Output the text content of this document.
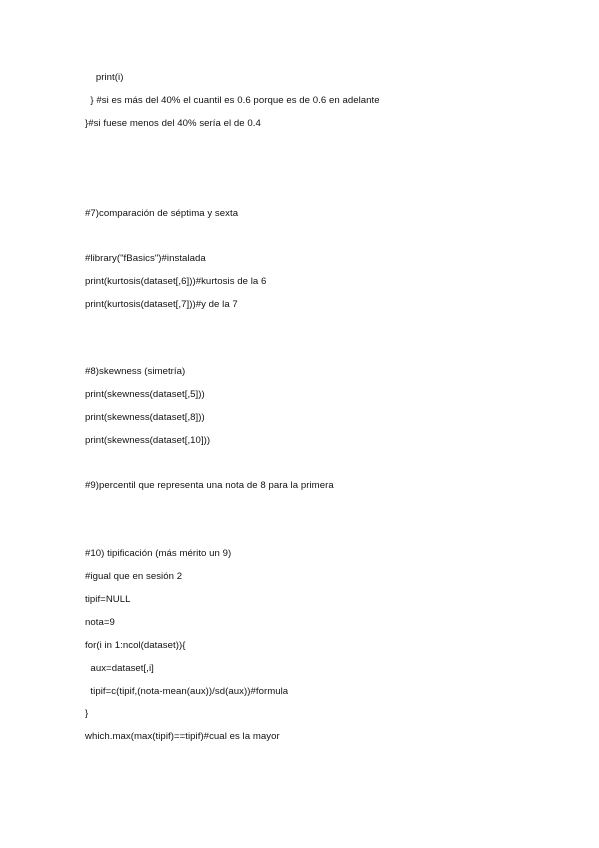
print(i)
} #si es más del 40% el cuantil es 0.6 porque es de 0.6 en adelante
}#si fuese menos del 40% sería el de 0.4
#7)comparación de séptima y sexta
#library("fBasics")#instalada
print(kurtosis(dataset[,6]))#kurtosis de la 6
print(kurtosis(dataset[,7]))#y de la 7
#8)skewness (simetría)
print(skewness(dataset[,5]))
print(skewness(dataset[,8]))
print(skewness(dataset[,10]))
#9)percentil que representa una nota de 8 para la primera
#10) tipificación (más mérito un 9)
#igual que en sesión 2
tipif=NULL
nota=9
for(i in 1:ncol(dataset)){
aux=dataset[,i]
tipif=c(tipif,(nota-mean(aux))/sd(aux))#formula
}
which.max(max(tipif)==tipif)#cual es la mayor
